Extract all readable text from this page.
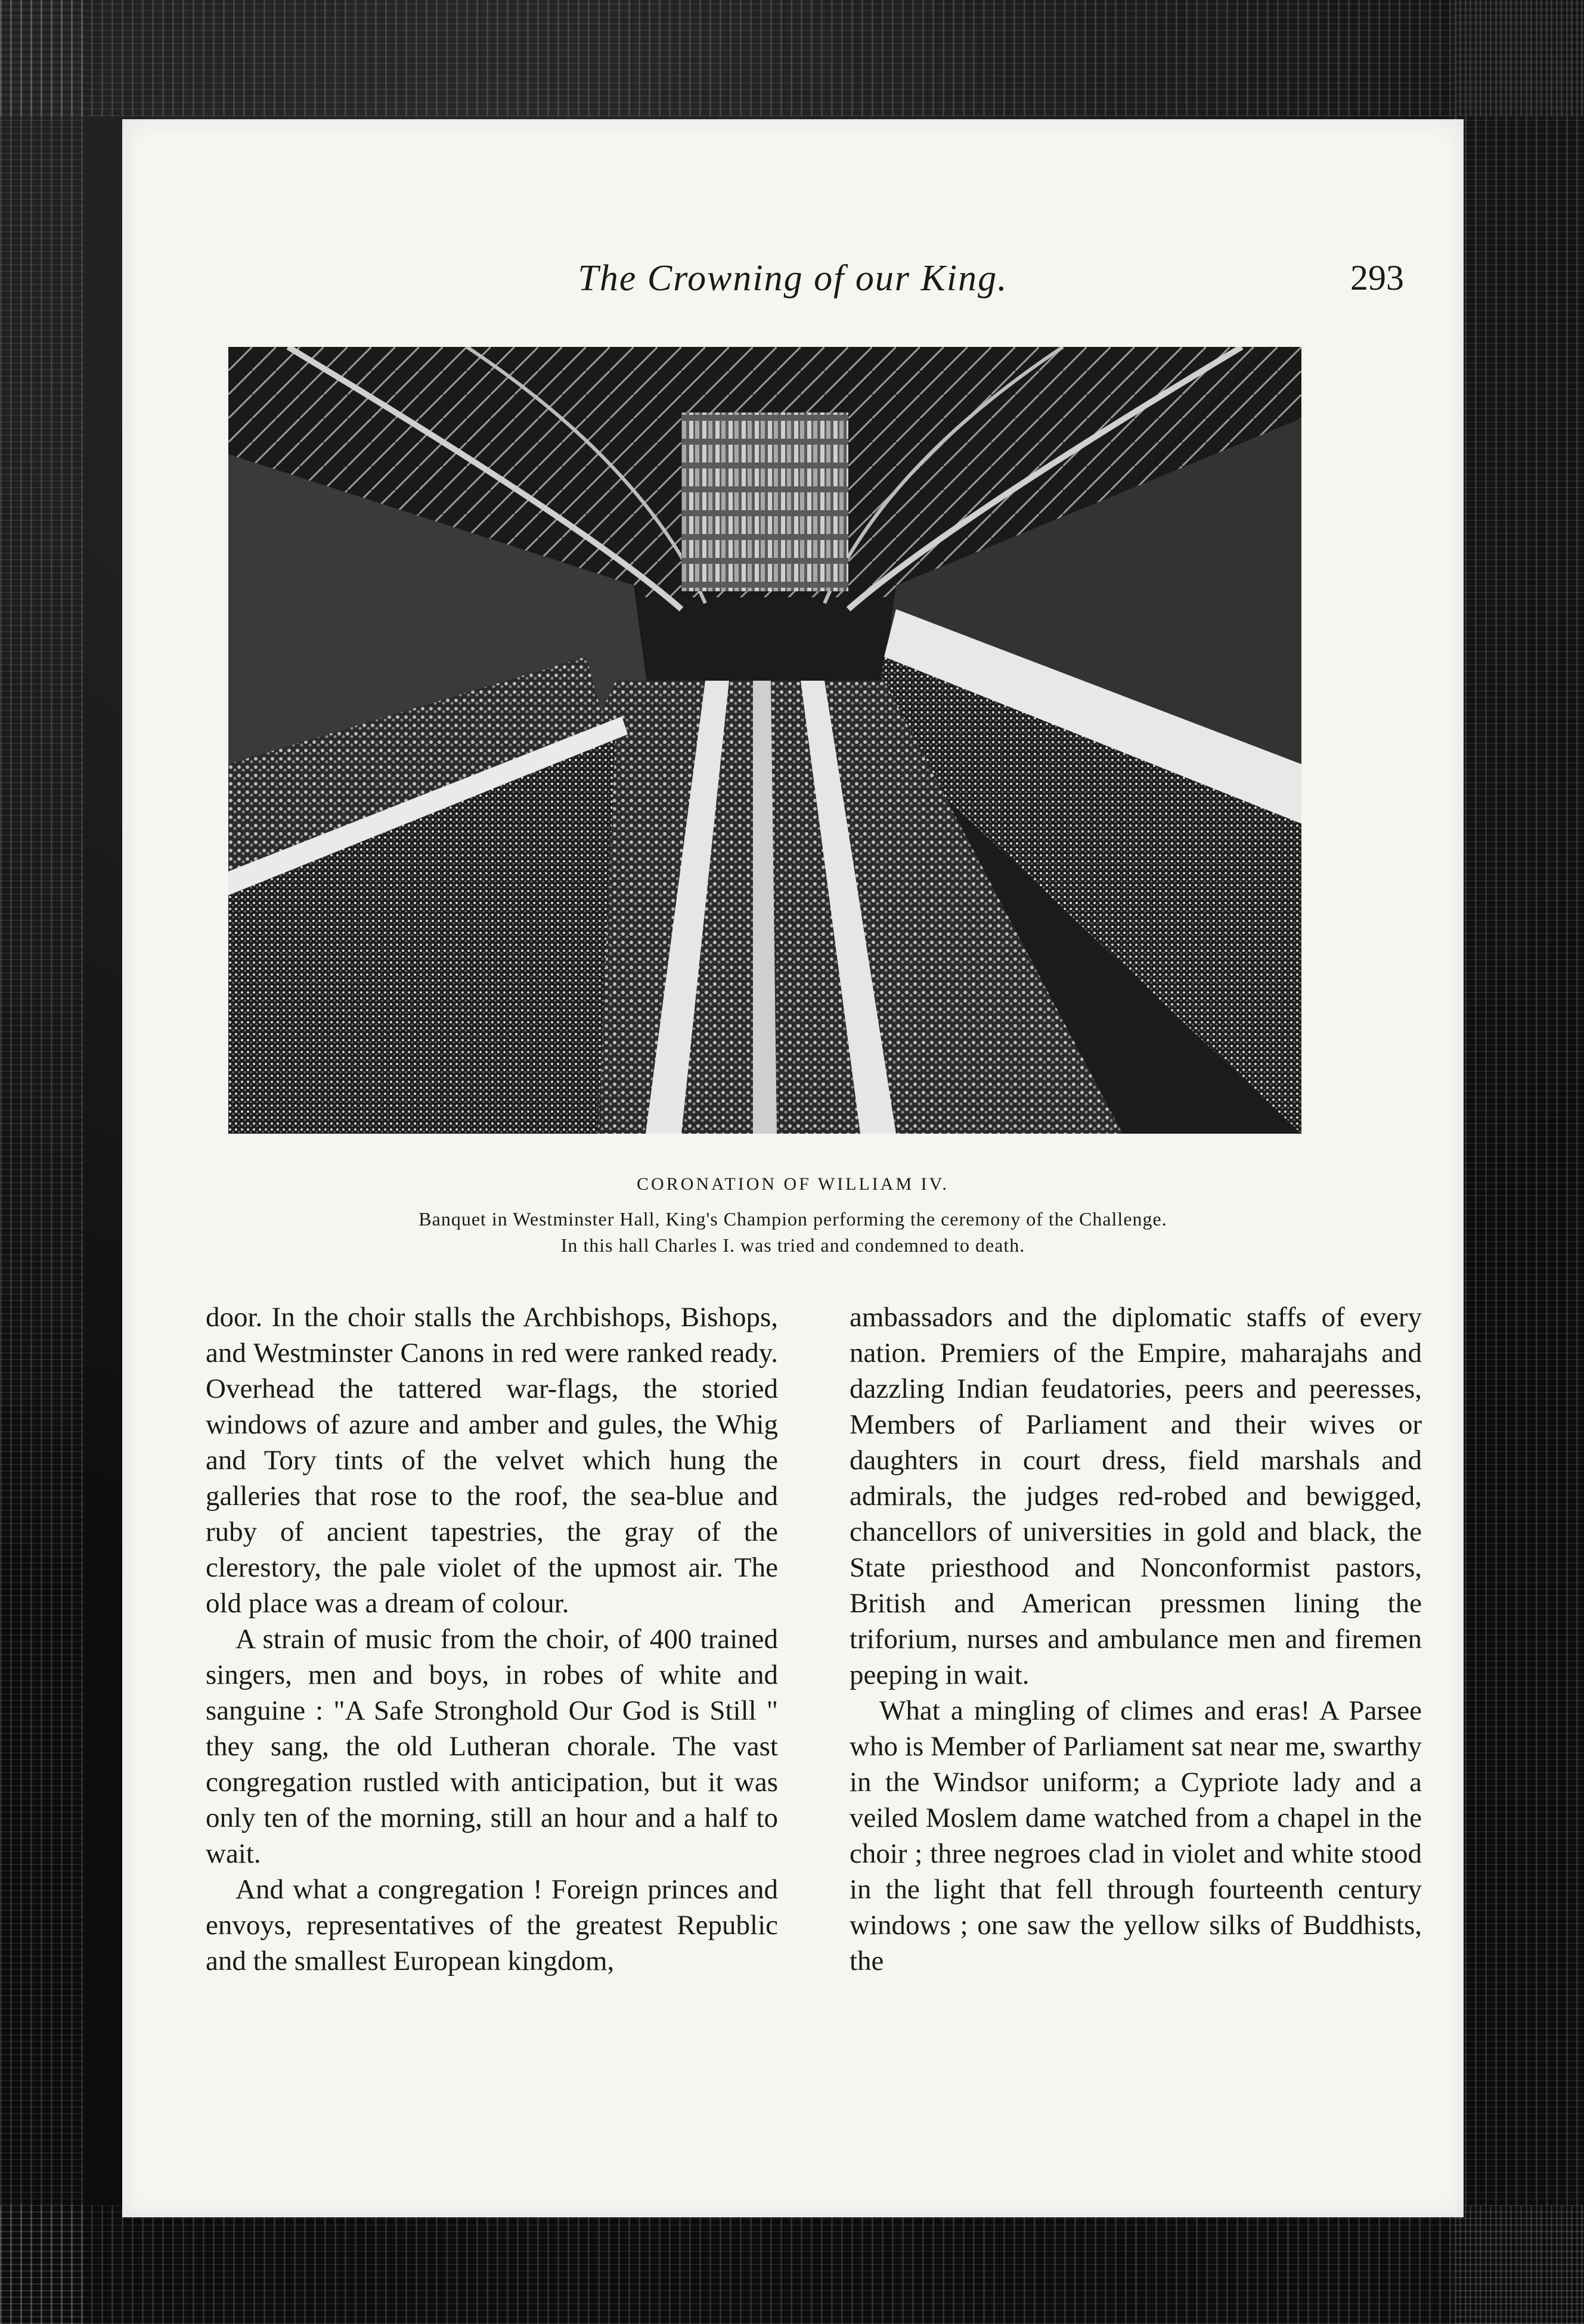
The Crowning of our King.	293
CORONATION OF WILLIAM IV.
Banquet in Westminster Hall, King's Champion performing the ceremony of the Challenge.
In this hall Charles I. was tried and condemned to death.

door. In the choir stalls the Archbishops, Bishops, and Westminster Canons in red were ranked ready. Overhead the tattered war-flags, the storied windows of azure and amber and gules, the Whig and Tory tints of the velvet which hung the galleries that rose to the roof, the sea-blue and ruby of ancient tapestries, the gray of the clerestory, the pale violet of the upmost air. The old place was a dream of colour.

A strain of music from the choir, of 400 trained singers, men and boys, in robes of white and sanguine : "A Safe Stronghold Our God is Still " they sang, the old Lutheran chorale. The vast congregation rustled with anticipation, but it was only ten of the morning, still an hour and a half to wait.

And what a congregation ! Foreign princes and envoys, representatives of the greatest Republic and the smallest European kingdom,

ambassadors and the diplomatic staffs of every nation. Premiers of the Empire, maharajahs and dazzling Indian feudatories, peers and peeresses, Members of Parliament and their wives or daughters in court dress, field marshals and admirals, the judges red-robed and bewigged, chancellors of universities in gold and black, the State priesthood and Nonconformist pastors, British and American pressmen lining the triforium, nurses and ambulance men and firemen peeping in wait.

What a mingling of climes and eras! A Parsee who is Member of Parliament sat near me, swarthy in the Windsor uniform; a Cypriote lady and a veiled Moslem dame watched from a chapel in the choir ; three negroes clad in violet and white stood in the light that fell through fourteenth century windows ; one saw the yellow silks of Buddhists, the
